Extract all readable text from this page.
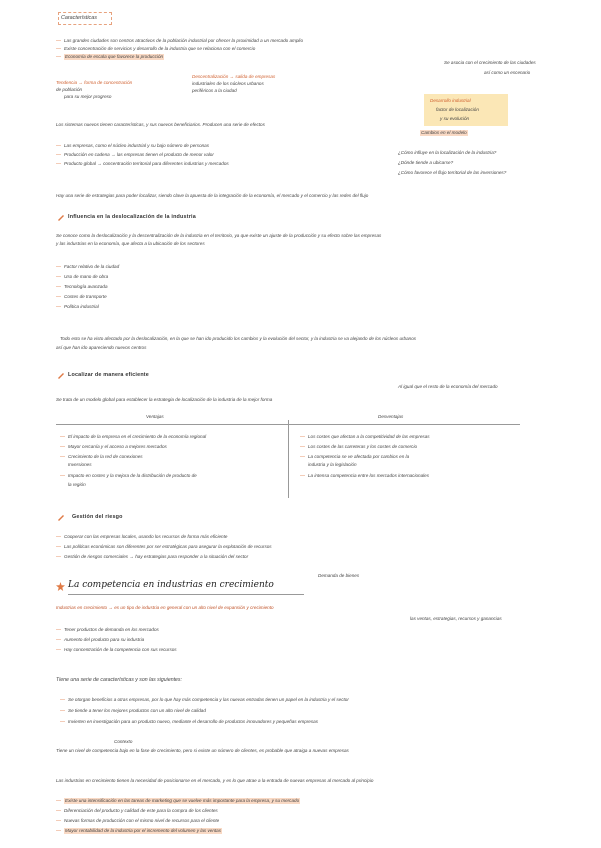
Características
— Las grandes ciudades son centros atractivos de la población industrial por ofrecer la proximidad a un mercado amplio
— Existe concentración de servicios y desarrollo de la industria que se relaciona con el comercio
— Economía de escala que favorece la producción
Se asocia con el crecimiento de las ciudades
así como un escenario
Tendencia → forma de concentración
de población
para su mejor progreso
Descentralización → salida de empresas
industriales de los núcleos urbanos
periféricos a la ciudad
Desarrollo industrial
factor de localización
y su evolución
Cambios en el modelo
Los sistemas nuevos tienen características, y sus nuevos beneficiarios. Producen una serie de efectos
— Las empresas, como el núcleo industrial y su bajo número de personas
— Producción en cadena → las empresas tienen el producto de menor valor
— Producto global → concentración territorial para diferentes industrias y mercados
¿Cómo influye en la localización de la industria?
¿Dónde tiende a ubicarse?
¿Cómo favorece el flujo territorial de las inversiones?
Hay una serie de estrategias para poder localizar, siendo clave la apuesta de la integración de la economía, el mercado y el comercio y las redes del flujo
Influencia en la deslocalización de la industria
Se conoce como la deslocalización y la descentralización de la industria en el territorio, ya que existe un ajuste de la producción y su efecto sobre las empresas
y las industrias en la economía, que afecta a la ubicación de los sectores
— Factor relativo de la ciudad
— Uso de mano de obra
— Tecnología avanzada
— Costes de transporte
— Política industrial
Todo esto se ha visto afectado por la deslocalización, en la que se han ido producido los cambios y la evolución del sector, y la industria se va alejando de los núcleos urbanos
así que han ido apareciendo nuevos centros
Localizar de manera eficiente
Al igual que el resto de la economía del mercado
Se trata de un modelo global para establecer la estrategia de localización de la industria de la mejor forma
Ventajas	Desventajas
— El impacto de la empresa en el crecimiento de la economía regional
— Mayor cercanía y el acceso a mejores mercados
— Crecimiento de la red de conexiones
Inversiones
— Impacto en costes y la mejora de la distribución de producto de
la región
— Los costes que afectan a la competitividad de las empresas
— Los costes de las carreteras y los costes de comercio
— La competencia se ve afectada por cambios en la
industria y la legislación
— La intensa competencia entre los mercados internacionales
Gestión del riesgo
— Cooperar con las empresas locales, usando los recursos de forma más eficiente
— Las políticas económicas son diferentes por ser estratégicas para asegurar la explotación de recursos
— Gestión de riesgos comerciales → hay estrategias para responder a la situación del sector
Demanda de bienes
La competencia en industrias en crecimiento
Industrias en crecimiento → es un tipo de industria en general con un alto nivel de expansión y crecimiento
las ventas, estrategias, recursos y ganancias
— Tener productos de demanda en los mercados
— Aumento del producto para su industria
— Hay concentración de la competencia con sus recursos
Tiene una serie de características y son las siguientes:
— Se otorgan beneficios a otras empresas, por lo que hay más competencia y las nuevas entradas tienen un papel en la industria y el sector
— Se tiende a tener los mejores productos con un alto nivel de calidad
— Invierten en investigación para un producto nuevo, mediante el desarrollo de productos innovadores y pequeñas empresas
Contexto
Tiene un nivel de competencia bajo en la fase de crecimiento, pero si existe un número de clientes, es probable que atraiga a nuevas empresas
Las industrias en crecimiento tienen la necesidad de posicionarse en el mercado, y es lo que atrae a la entrada de nuevas empresas al mercado al principio
— Existe una intensificación en las tareas de marketing que se vuelve más importante para la empresa, y su mercado
— Diferenciación del producto y calidad de este para la compra de los clientes
— Nuevas formas de producción con el mismo nivel de recursos para el cliente
— Mayor rentabilidad de la industria por el incremento del volumen y las ventas
